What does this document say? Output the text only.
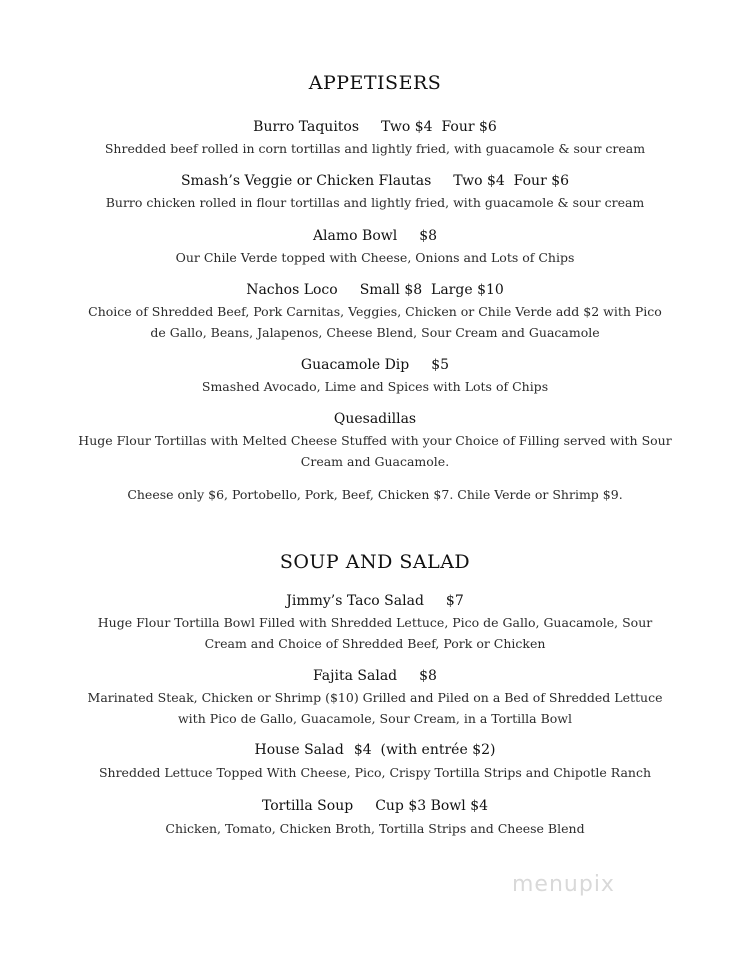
APPETISERS
Burro Taquitos Two $4  Four $6
Shredded beef rolled in corn tortillas and lightly fried, with guacamole & sour cream
Smash’s Veggie or Chicken Flautas Two $4  Four $6
Burro chicken rolled in flour tortillas and lightly fried, with guacamole & sour cream
Alamo Bowl $8
Our Chile Verde topped with Cheese, Onions and Lots of Chips
Nachos Loco Small $8  Large $10
Choice of Shredded Beef, Pork Carnitas, Veggies, Chicken or Chile Verde add $2 with Pico de Gallo, Beans, Jalapenos, Cheese Blend, Sour Cream and Guacamole
Guacamole Dip $5
Smashed Avocado, Lime and Spices with Lots of Chips
Quesadillas
Huge Flour Tortillas with Melted Cheese Stuffed with your Choice of Filling served with Sour Cream and Guacamole.
Cheese only $6, Portobello, Pork, Beef, Chicken $7. Chile Verde or Shrimp $9.
SOUP AND SALAD
Jimmy’s Taco Salad $7
Huge Flour Tortilla Bowl Filled with Shredded Lettuce, Pico de Gallo, Guacamole, Sour Cream and Choice of Shredded Beef, Pork or Chicken
Fajita Salad $8
Marinated Steak, Chicken or Shrimp ($10) Grilled and Piled on a Bed of Shredded Lettuce with Pico de Gallo, Guacamole, Sour Cream, in a Tortilla Bowl
House Salad $4  (with entrée $2)
Shredded Lettuce Topped With Cheese, Pico, Crispy Tortilla Strips and Chipotle Ranch
Tortilla Soup Cup $3 Bowl $4
Chicken, Tomato, Chicken Broth, Tortilla Strips and Cheese Blend
menupix
